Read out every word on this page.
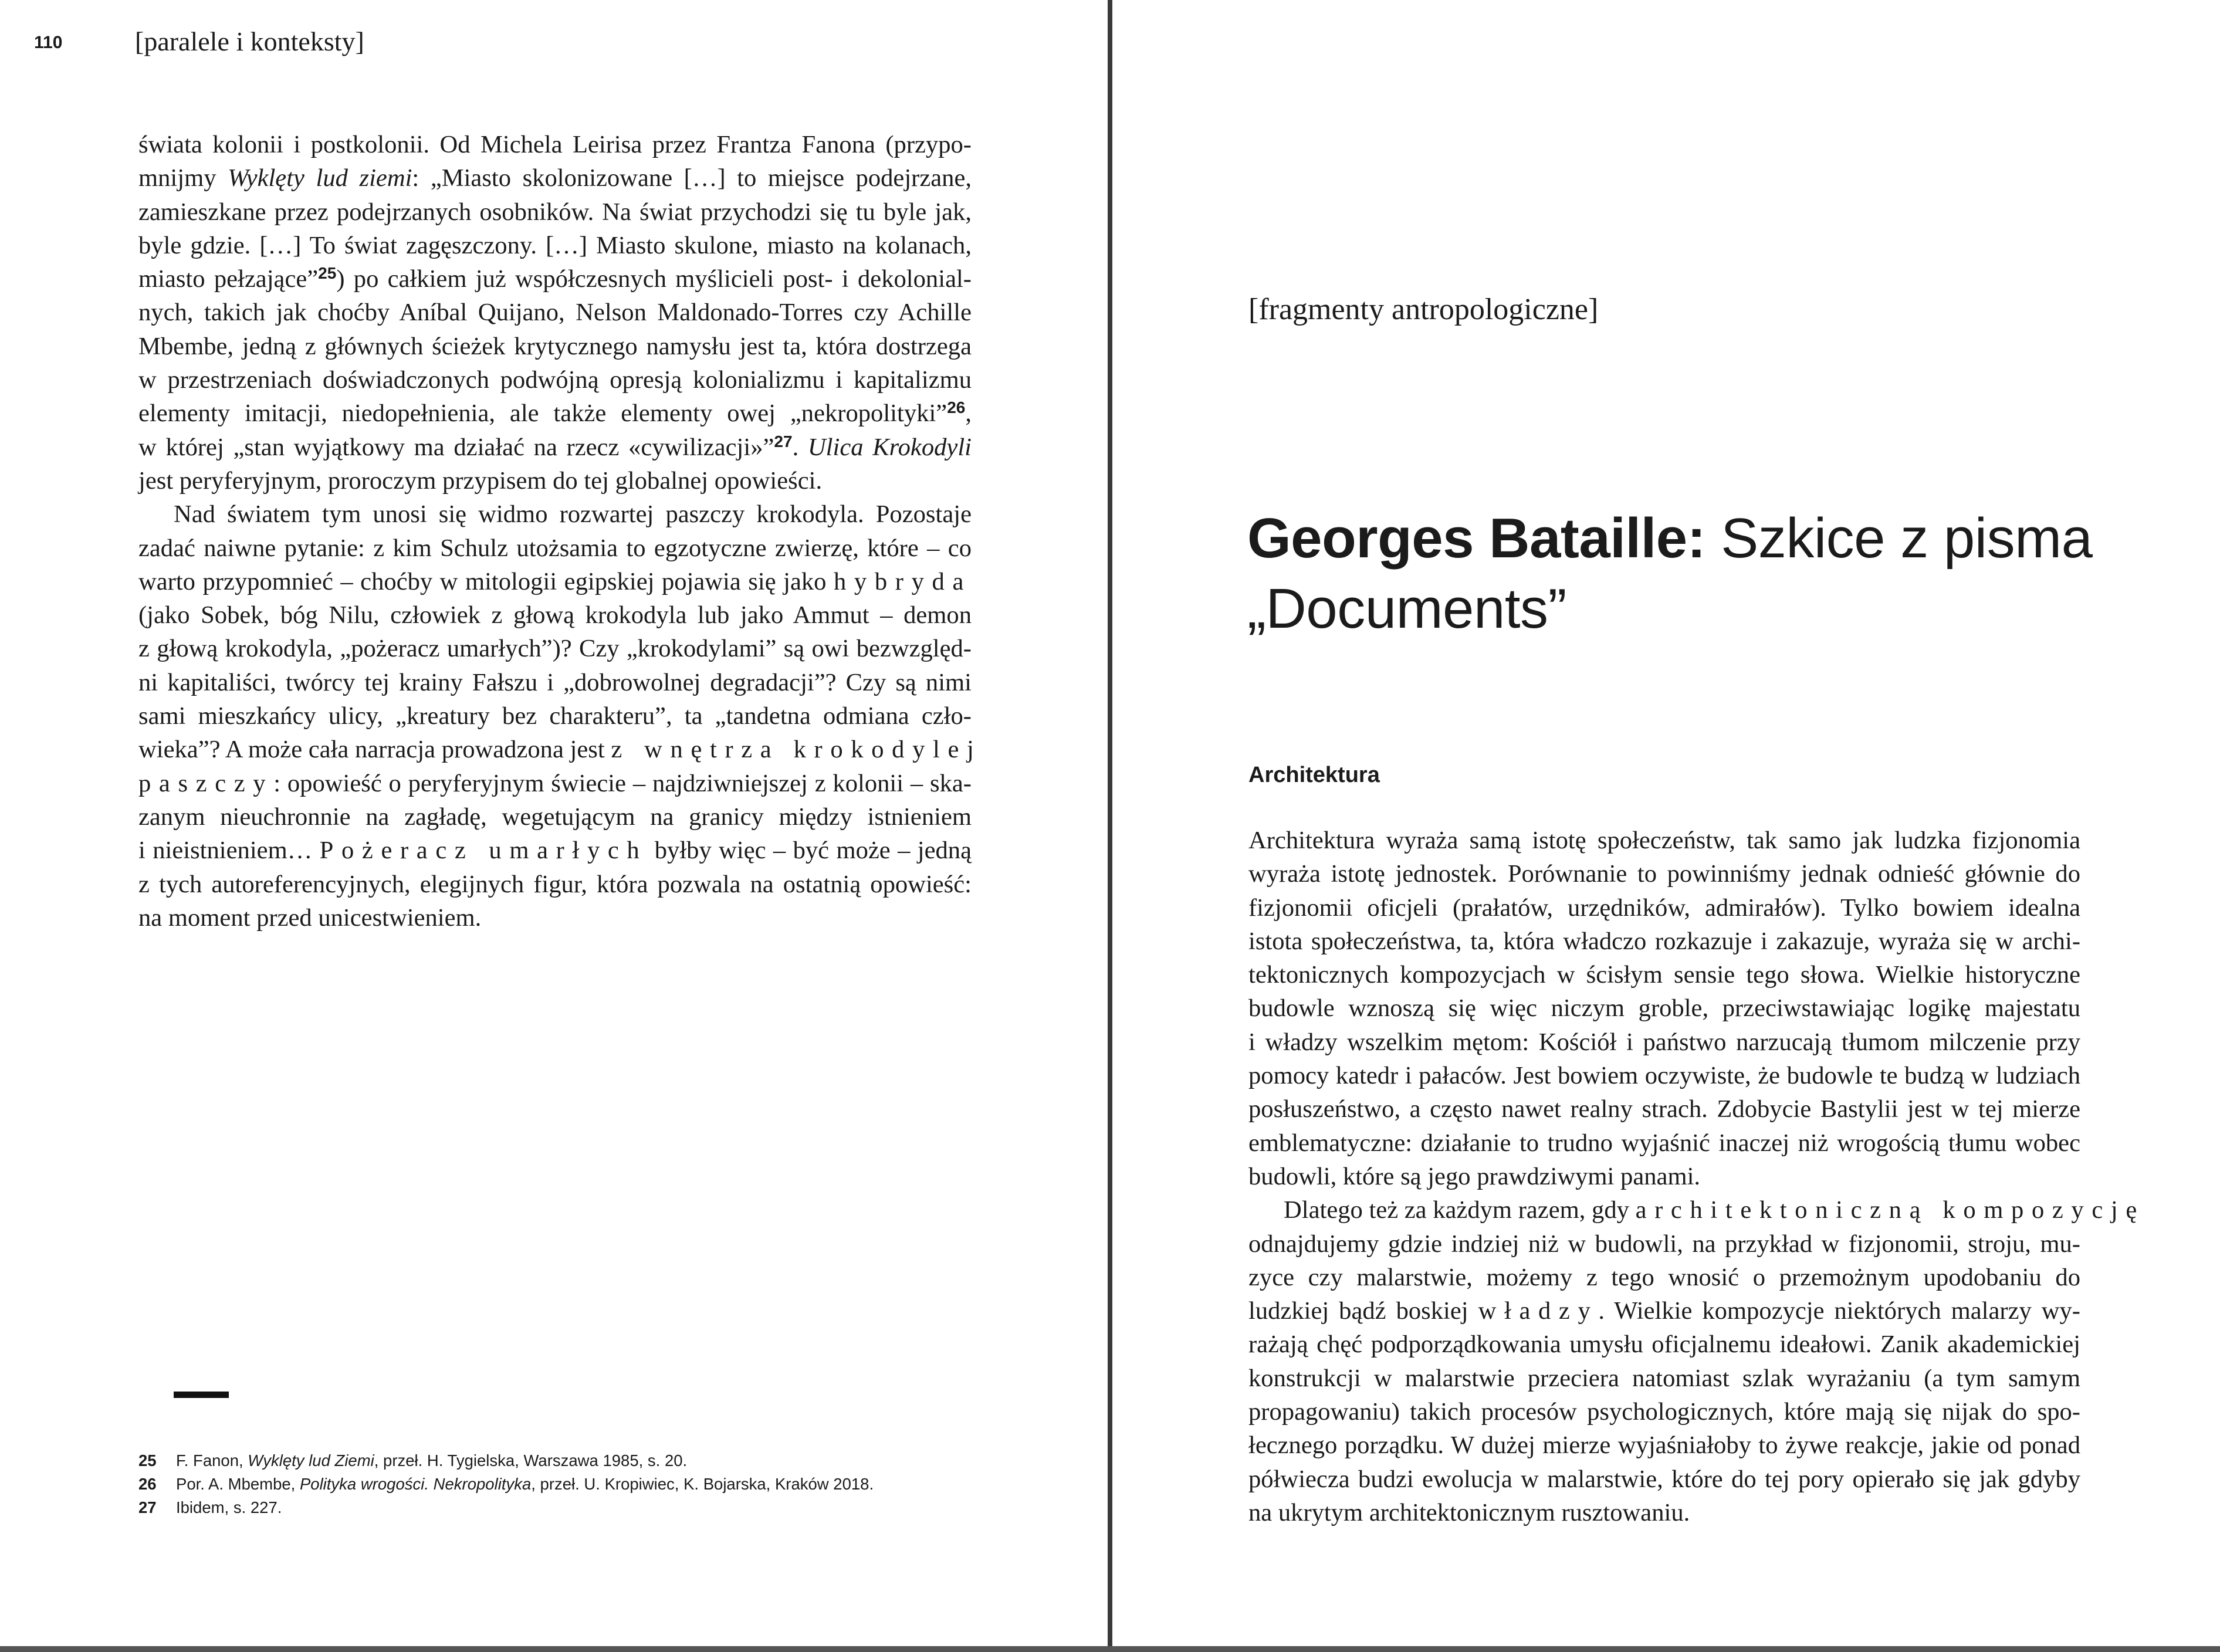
110	[paralele i konteksty]

świata kolonii i postkolonii. Od Michela Leirisa przez Frantza Fanona (przypo-
mnijmy Wyklęty lud ziemi: „Miasto skolonizowane […] to miejsce podejrzane,
zamieszkane przez podejrzanych osobników. Na świat przychodzi się tu byle jak,
byle gdzie. […] To świat zagęszczony. […] Miasto skulone, miasto na kolanach,
miasto pełzające”$^{25}$) po całkiem już współczesnych myślicieli post- i dekolonial-
nych, takich jak choćby Aníbal Quijano, Nelson Maldonado-Torres czy Achille
Mbembe, jedną z głównych ścieżek krytycznego namysłu jest ta, która dostrzega
w przestrzeniach doświadczonych podwójną opresją kolonializmu i kapitalizmu
elementy imitacji, niedopełnienia, ale także elementy owej „nekropolityki”$^{26}$,
w której „stan wyjątkowy ma działać na rzecz «cywilizacji»”$^{27}$. Ulica Krokodyli
jest peryferyjnym, proroczym przypisem do tej globalnej opowieści.

Nad światem tym unosi się widmo rozwartej paszczy krokodyla. Pozostaje
zadać naiwne pytanie: z kim Schulz utożsamia to egzotyczne zwierzę, które – co
warto przypomnieć – choćby w mitologii egipskiej pojawia się jako hybryda
(jako Sobek, bóg Nilu, człowiek z głową krokodyla lub jako Ammut – demon
z głową krokodyla, „pożeracz umarłych”)? Czy „krokodylami” są owi bezwzględ-
ni kapitaliści, twórcy tej krainy Fałszu i „dobrowolnej degradacji”? Czy są nimi
sami mieszkańcy ulicy, „kreatury bez charakteru”, ta „tandetna odmiana czło-
wieka”? A może cała narracja prowadzona jest z wnętrza krokodylej
paszczy: opowieść o peryferyjnym świecie – najdziwniejszej z kolonii – ska-
zanym nieuchronnie na zagładę, wegetującym na granicy między istnieniem
i nieistnieniem… Pożeracz umarłych byłby więc – być może – jedną
z tych autoreferencyjnych, elegijnych figur, która pozwala na ostatnią opowieść:
na moment przed unicestwieniem.

25 F. Fanon, Wyklęty lud Ziemi, przeł. H. Tygielska, Warszawa 1985, s. 20.
26 Por. A. Mbembe, Polityka wrogości. Nekropolityka, przeł. U. Kropiwiec, K. Bojarska, Kraków 2018.
27 Ibidem, s. 227.
[fragmenty antropologiczne]
Georges Bataille: Szkice z pisma
„Documents”
Architektura

Architektura wyraża samą istotę społeczeństw, tak samo jak ludzka fizjonomia
wyraża istotę jednostek. Porównanie to powinniśmy jednak odnieść głównie do
fizjonomii oficjeli (prałatów, urzędników, admirałów). Tylko bowiem idealna
istota społeczeństwa, ta, która władczo rozkazuje i zakazuje, wyraża się w archi-
tektonicznych kompozycjach w ścisłym sensie tego słowa. Wielkie historyczne
budowle wznoszą się więc niczym groble, przeciwstawiając logikę majestatu
i władzy wszelkim mętom: Kościół i państwo narzucają tłumom milczenie przy
pomocy katedr i pałaców. Jest bowiem oczywiste, że budowle te budzą w ludziach
posłuszeństwo, a często nawet realny strach. Zdobycie Bastylii jest w tej mierze
emblematyczne: działanie to trudno wyjaśnić inaczej niż wrogością tłumu wobec
budowli, które są jego prawdziwymi panami.

Dlatego też za każdym razem, gdy architektoniczną kompozycję
odnajdujemy gdzie indziej niż w budowli, na przykład w fizjonomii, stroju, mu-
zyce czy malarstwie, możemy z tego wnosić o przemożnym upodobaniu do
ludzkiej bądź boskiej władzy. Wielkie kompozycje niektórych malarzy wy-
rażają chęć podporządkowania umysłu oficjalnemu ideałowi. Zanik akademickiej
konstrukcji w malarstwie przeciera natomiast szlak wyrażaniu (a tym samym
propagowaniu) takich procesów psychologicznych, które mają się nijak do spo-
łecznego porządku. W dużej mierze wyjaśniałoby to żywe reakcje, jakie od ponad
półwiecza budzi ewolucja w malarstwie, które do tej pory opierało się jak gdyby
na ukrytym architektonicznym rusztowaniu.
